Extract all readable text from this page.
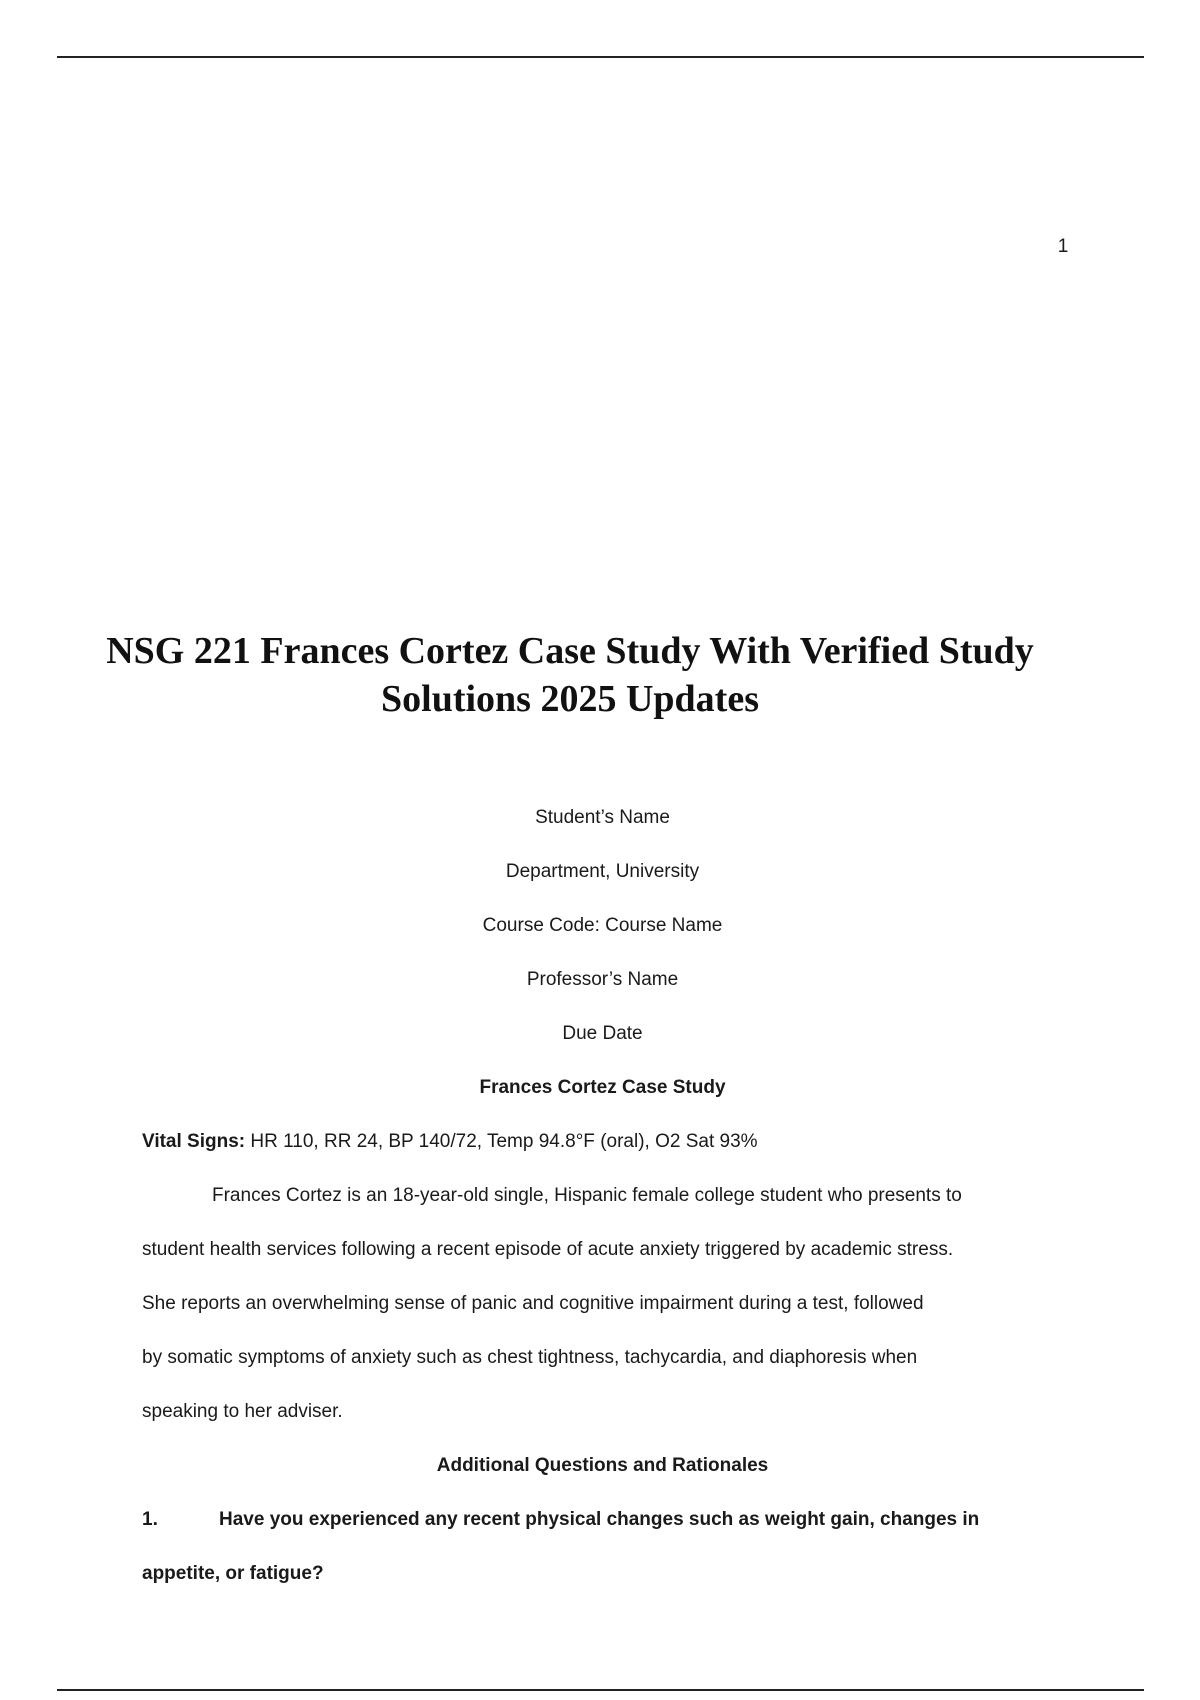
1
NSG 221 Frances Cortez Case Study With Verified Study
Solutions 2025 Updates
Student’s Name
Department, University
Course Code: Course Name
Professor’s Name
Due Date
Frances Cortez Case Study
Vital Signs: HR 110, RR 24, BP 140/72, Temp 94.8°F (oral), O2 Sat 93%
Frances Cortez is an 18-year-old single, Hispanic female college student who presents to
student health services following a recent episode of acute anxiety triggered by academic stress.
She reports an overwhelming sense of panic and cognitive impairment during a test, followed
by somatic symptoms of anxiety such as chest tightness, tachycardia, and diaphoresis when
speaking to her adviser.
Additional Questions and Rationales
1.	Have you experienced any recent physical changes such as weight gain, changes in
appetite, or fatigue?
